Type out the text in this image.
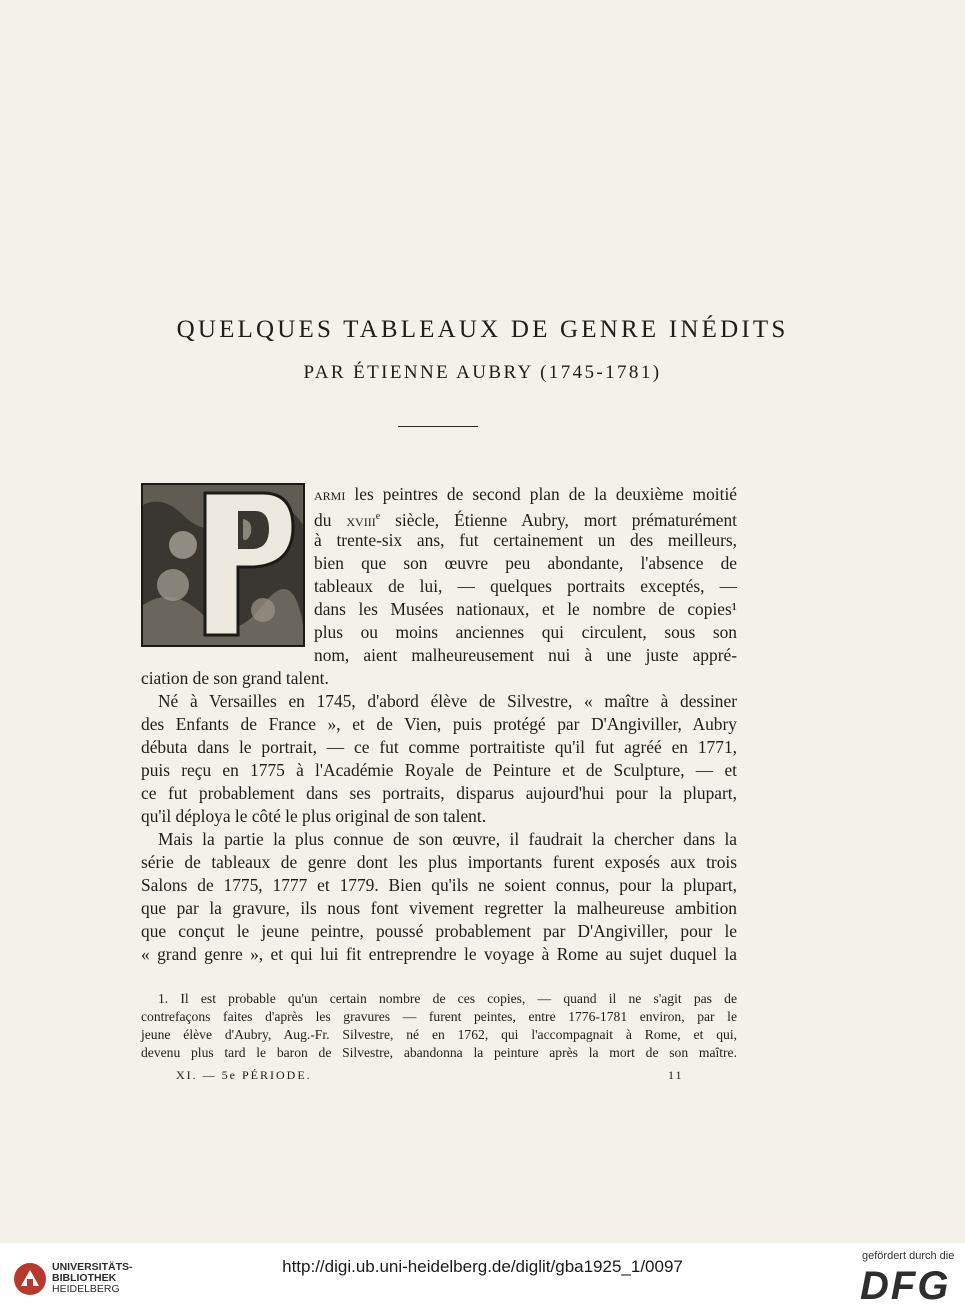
QUELQUES TABLEAUX DE GENRE INÉDITS
PAR ÉTIENNE AUBRY (1745-1781)
armi les peintres de second plan de la deuxième moitié
du xviii$^e$ siècle, Étienne Aubry, mort prématurément
à trente-six ans, fut certainement un des meilleurs,
bien que son œuvre peu abondante, l'absence de
tableaux de lui, — quelques portraits exceptés, —
dans les Musées nationaux, et le nombre de copies¹
plus ou moins anciennes qui circulent, sous son
nom, aient malheureusement nui à une juste appré-
ciation de son grand talent.
Né à Versailles en 1745, d'abord élève de Silvestre, « maître à dessiner
des Enfants de France », et de Vien, puis protégé par D'Angiviller, Aubry
débuta dans le portrait, — ce fut comme portraitiste qu'il fut agréé en 1771,
puis reçu en 1775 à l'Académie Royale de Peinture et de Sculpture, — et
ce fut probablement dans ses portraits, disparus aujourd'hui pour la plupart,
qu'il déploya le côté le plus original de son talent.
Mais la partie la plus connue de son œuvre, il faudrait la chercher dans la
série de tableaux de genre dont les plus importants furent exposés aux trois
Salons de 1775, 1777 et 1779. Bien qu'ils ne soient connus, pour la plupart,
que par la gravure, ils nous font vivement regretter la malheureuse ambition
que conçut le jeune peintre, poussé probablement par D'Angiviller, pour le
« grand genre », et qui lui fit entreprendre le voyage à Rome au sujet duquel la
1. Il est probable qu'un certain nombre de ces copies, — quand il ne s'agit pas de
contrefaçons faites d'après les gravures — furent peintes, entre 1776-1781 environ, par le
jeune élève d'Aubry, Aug.-Fr. Silvestre, né en 1762, qui l'accompagnait à Rome, et qui,
devenu plus tard le baron de Silvestre, abandonna la peinture après la mort de son maître.
XI. — 5e PÉRIODE.	11
UNIVERSITÄTS-
BIBLIOTHEK
HEIDELBERG
http://digi.ub.uni-heidelberg.de/diglit/gba1925_1/0097
gefördert durch die
DFG
